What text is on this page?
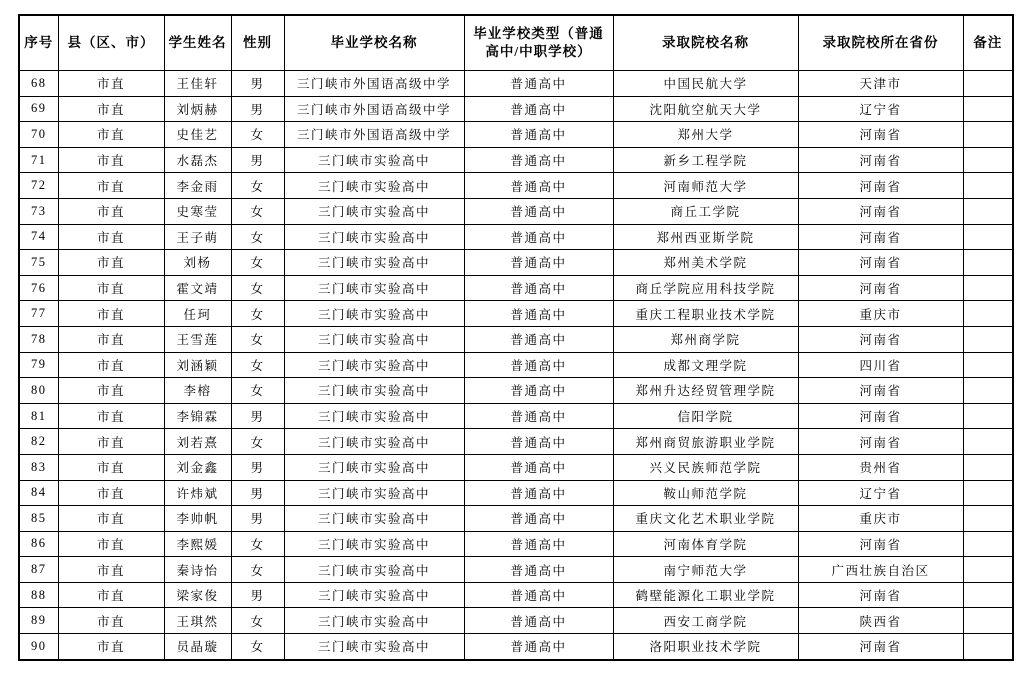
序号	县（区、市）	学生姓名	性别	毕业学校名称	毕业学校类型（普通高中/中职学校）	录取院校名称	录取院校所在省份	备注
68	市直	王佳轩	男	三门峡市外国语高级中学	普通高中	中国民航大学	天津市	
69	市直	刘炳赫	男	三门峡市外国语高级中学	普通高中	沈阳航空航天大学	辽宁省	
70	市直	史佳艺	女	三门峡市外国语高级中学	普通高中	郑州大学	河南省	
71	市直	水磊杰	男	三门峡市实验高中	普通高中	新乡工程学院	河南省	
72	市直	李金雨	女	三门峡市实验高中	普通高中	河南师范大学	河南省	
73	市直	史寒莹	女	三门峡市实验高中	普通高中	商丘工学院	河南省	
74	市直	王子萌	女	三门峡市实验高中	普通高中	郑州西亚斯学院	河南省	
75	市直	刘杨	女	三门峡市实验高中	普通高中	郑州美术学院	河南省	
76	市直	霍文靖	女	三门峡市实验高中	普通高中	商丘学院应用科技学院	河南省	
77	市直	任珂	女	三门峡市实验高中	普通高中	重庆工程职业技术学院	重庆市	
78	市直	王雪莲	女	三门峡市实验高中	普通高中	郑州商学院	河南省	
79	市直	刘涵颖	女	三门峡市实验高中	普通高中	成都文理学院	四川省	
80	市直	李榕	女	三门峡市实验高中	普通高中	郑州升达经贸管理学院	河南省	
81	市直	李锦霖	男	三门峡市实验高中	普通高中	信阳学院	河南省	
82	市直	刘若熹	女	三门峡市实验高中	普通高中	郑州商贸旅游职业学院	河南省	
83	市直	刘金鑫	男	三门峡市实验高中	普通高中	兴义民族师范学院	贵州省	
84	市直	许炜斌	男	三门峡市实验高中	普通高中	鞍山师范学院	辽宁省	
85	市直	李帅帆	男	三门峡市实验高中	普通高中	重庆文化艺术职业学院	重庆市	
86	市直	李熙媛	女	三门峡市实验高中	普通高中	河南体育学院	河南省	
87	市直	秦诗怡	女	三门峡市实验高中	普通高中	南宁师范大学	广西壮族自治区	
88	市直	梁家俊	男	三门峡市实验高中	普通高中	鹤壁能源化工职业学院	河南省	
89	市直	王琪然	女	三门峡市实验高中	普通高中	西安工商学院	陕西省	
90	市直	员晶璇	女	三门峡市实验高中	普通高中	洛阳职业技术学院	河南省	
